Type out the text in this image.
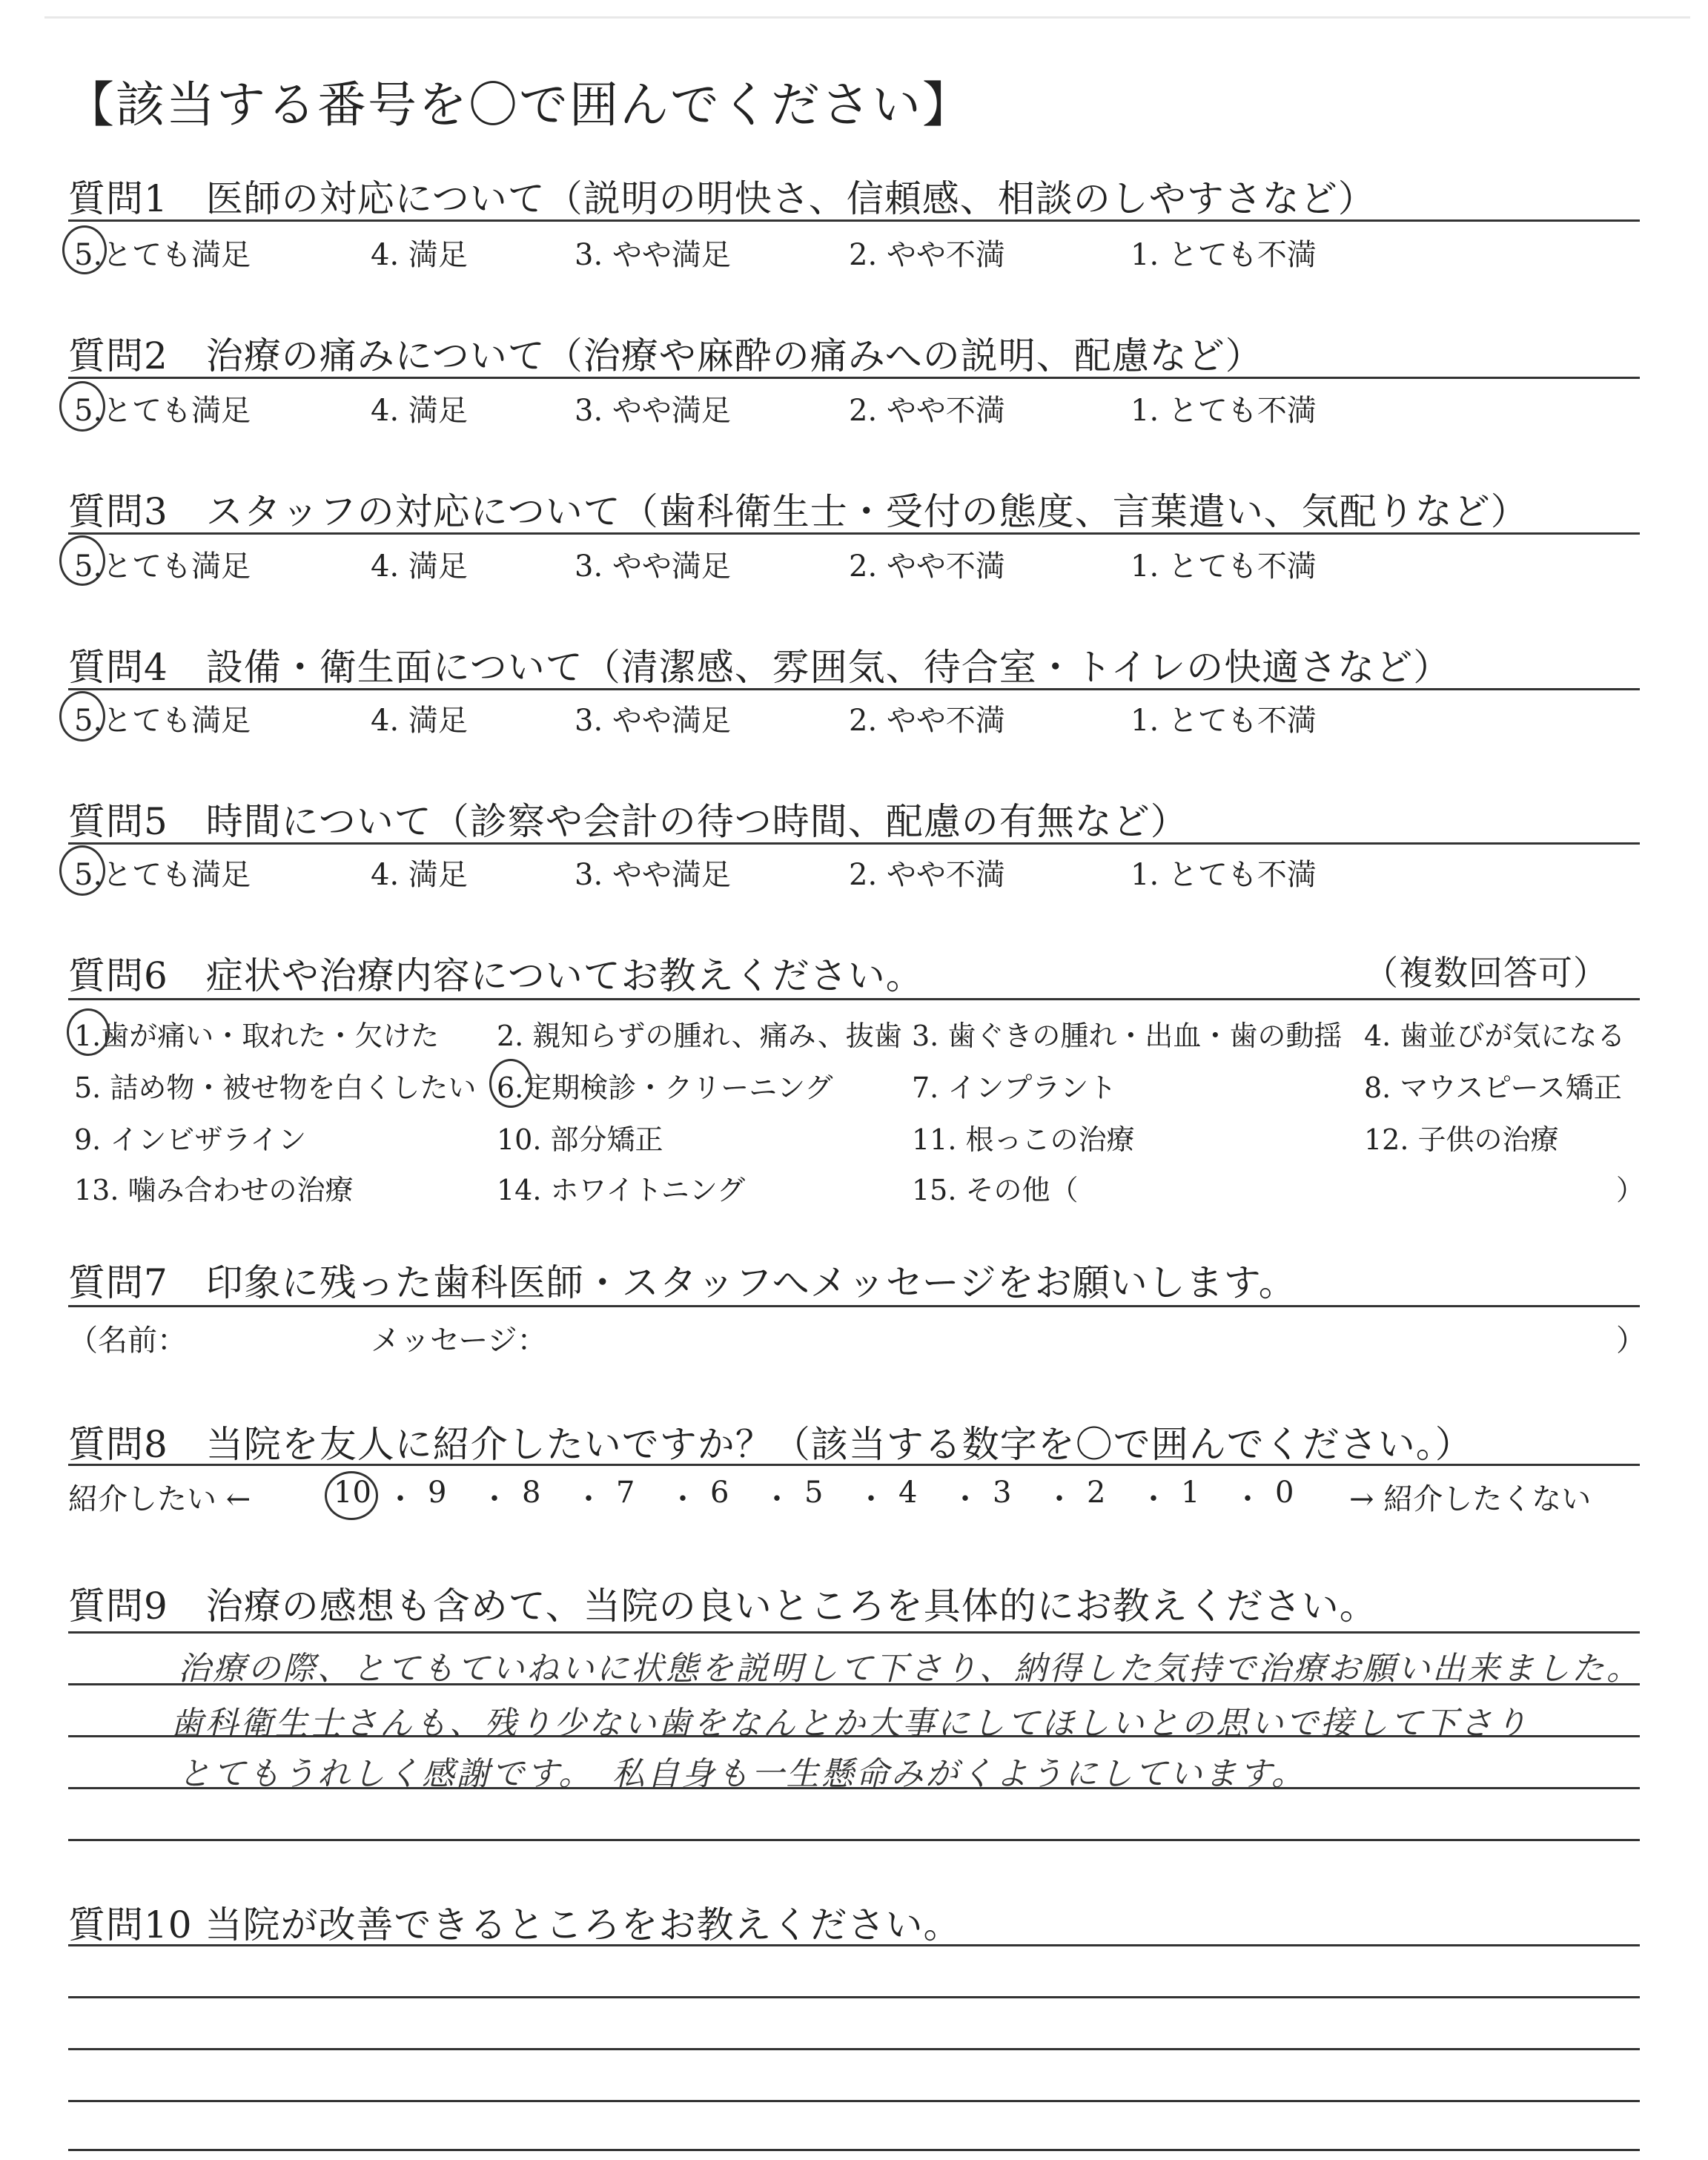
【該当する番号を〇で囲んでください】
質問1　医師の対応について（説明の明快さ、信頼感、相談のしやすさなど）
5.とても満足	4. 満足	3. やや満足	2. やや不満	1. とても不満
質問2　治療の痛みについて（治療や麻酔の痛みへの説明、配慮など）
5.とても満足	4. 満足	3. やや満足	2. やや不満	1. とても不満
質問3　スタッフの対応について（歯科衛生士・受付の態度、言葉遣い、気配りなど）
5.とても満足	4. 満足	3. やや満足	2. やや不満	1. とても不満
質問4　設備・衛生面について（清潔感、雰囲気、待合室・トイレの快適さなど）
5.とても満足	4. 満足	3. やや満足	2. やや不満	1. とても不満
質問5　時間について（診察や会計の待つ時間、配慮の有無など）
5.とても満足	4. 満足	3. やや満足	2. やや不満	1. とても不満
質問6　症状や治療内容についてお教えください。	（複数回答可）
1.歯が痛い・取れた・欠けた 2. 親知らずの腫れ、痛み、抜歯 3. 歯ぐきの腫れ・出血・歯の動揺 4. 歯並びが気になる
5. 詰め物・被せ物を白くしたい 6.定期検診・クリーニング	7. インプラント	8. マウスピース矯正
9. インビザライン	10. 部分矯正	11. 根っこの治療	12. 子供の治療
13. 噛み合わせの治療	14. ホワイトニング	15. その他（	）
質問7　印象に残った歯科医師・スタッフへメッセージをお願いします。
（名前：	メッセージ：	）
質問8　当院を友人に紹介したいですか？（該当する数字を〇で囲んでください。）
紹介したい ←	→ 紹介したくない
10 ・ 9 ・ 8 ・ 7 ・ 6 ・ 5 ・ 4 ・ 3 ・ 2 ・ 1 ・ 0
質問9　治療の感想も含めて、当院の良いところを具体的にお教えください。
治療の際、とてもていねいに状態を説明して下さり、納得した気持で治療お願い出来ました。
歯科衛生士さんも、残り少ない歯をなんとか大事にしてほしいとの思いで接して下さり
とてもうれしく感謝です。　私自身も一生懸命みがくようにしています。
質問10 当院が改善できるところをお教えください。
